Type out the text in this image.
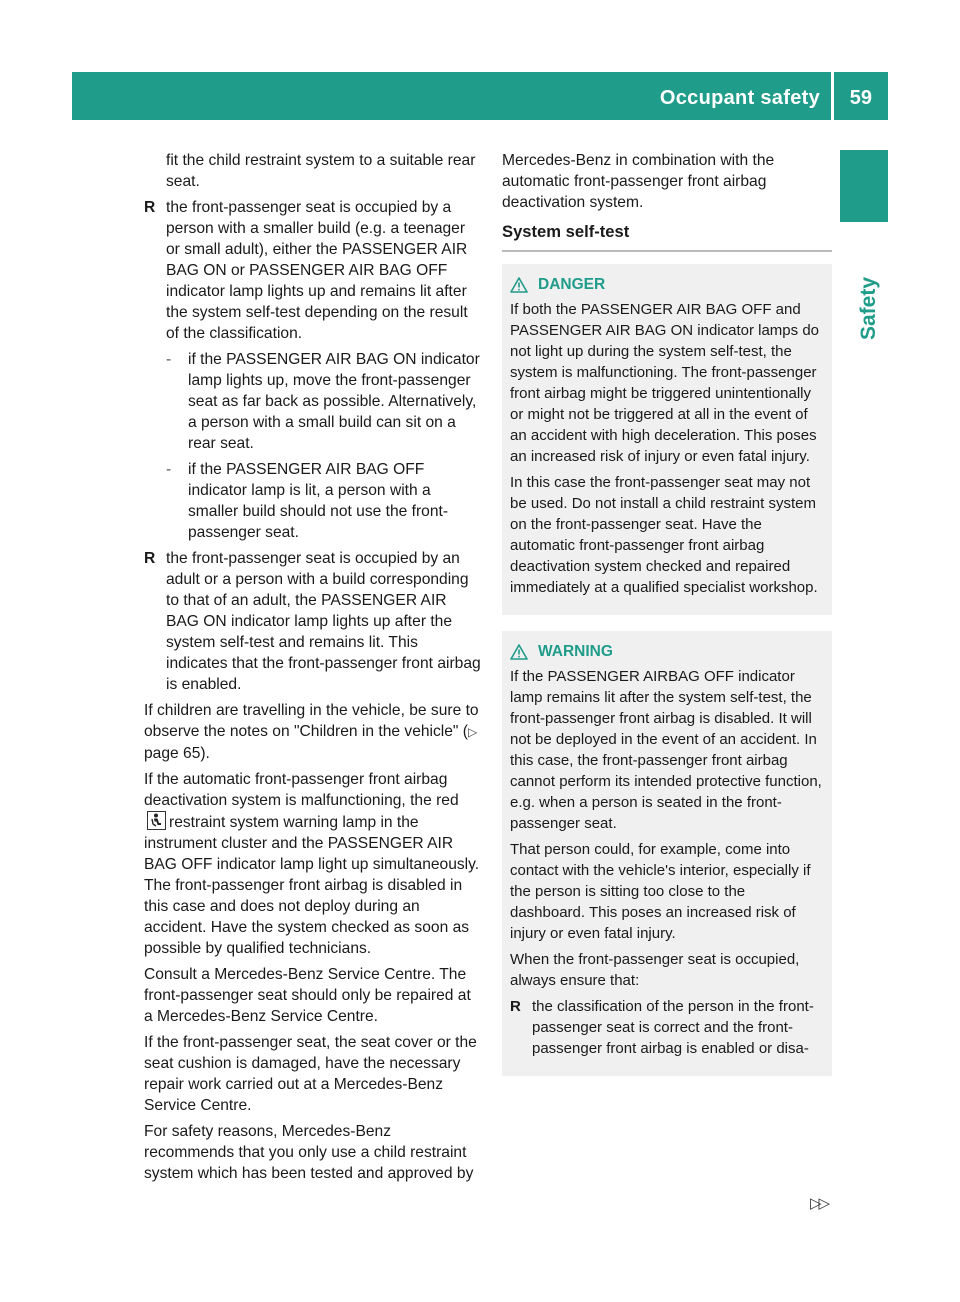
Occupant safety 59
Safety

fit the child restraint system to a suitable rear seat.

R the front-passenger seat is occupied by a person with a smaller build (e.g. a teenager or small adult), either the PASSENGER AIR BAG ON or PASSENGER AIR BAG OFF indicator lamp lights up and remains lit after the system self-test depending on the result of the classification.
-	if the PASSENGER AIR BAG ON indicator lamp lights up, move the front-passenger seat as far back as possible. Alternatively, a person with a small build can sit on a rear seat.
-	if the PASSENGER AIR BAG OFF indicator lamp is lit, a person with a smaller build should not use the front-passenger seat.
R the front-passenger seat is occupied by an adult or a person with a build corresponding to that of an adult, the PASSENGER AIR BAG ON indicator lamp lights up after the system self-test and remains lit. This indicates that the front-passenger front airbag is enabled.

If children are travelling in the vehicle, be sure to observe the notes on "Children in the vehicle" (▷ page 65).

If the automatic front-passenger front airbag deactivation system is malfunctioning, the red
restraint system warning lamp in the instrument cluster and the PASSENGER AIR BAG OFF indicator lamp light up simultaneously. The front-passenger front airbag is disabled in this case and does not deploy during an accident. Have the system checked as soon as possible by qualified technicians.

Consult a Mercedes-Benz Service Centre. The front-passenger seat should only be repaired at a Mercedes-Benz Service Centre.

If the front-passenger seat, the seat cover or the seat cushion is damaged, have the necessary repair work carried out at a Mercedes-Benz Service Centre.

For safety reasons, Mercedes-Benz recommends that you only use a child restraint system which has been tested and approved by

Mercedes-Benz in combination with the automatic front-passenger front airbag deactivation system.

System self-test
DANGER

If both the PASSENGER AIR BAG OFF and PASSENGER AIR BAG ON indicator lamps do not light up during the system self-test, the system is malfunctioning. The front-passenger front airbag might be triggered unintentionally or might not be triggered at all in the event of an accident with high deceleration. This poses an increased risk of injury or even fatal injury.

In this case the front-passenger seat may not be used. Do not install a child restraint system on the front-passenger seat. Have the automatic front-passenger front airbag deactivation system checked and repaired immediately at a qualified specialist workshop.

WARNING

If the PASSENGER AIRBAG OFF indicator lamp remains lit after the system self-test, the front-passenger front airbag is disabled. It will not be deployed in the event of an accident. In this case, the front-passenger front airbag cannot perform its intended protective function, e.g. when a person is seated in the front-passenger seat.

That person could, for example, come into contact with the vehicle's interior, especially if the person is sitting too close to the dashboard. This poses an increased risk of injury or even fatal injury.

When the front-passenger seat is occupied, always ensure that:

R the classification of the person in the front-passenger seat is correct and the front-passenger front airbag is enabled or disa-
▷▷
